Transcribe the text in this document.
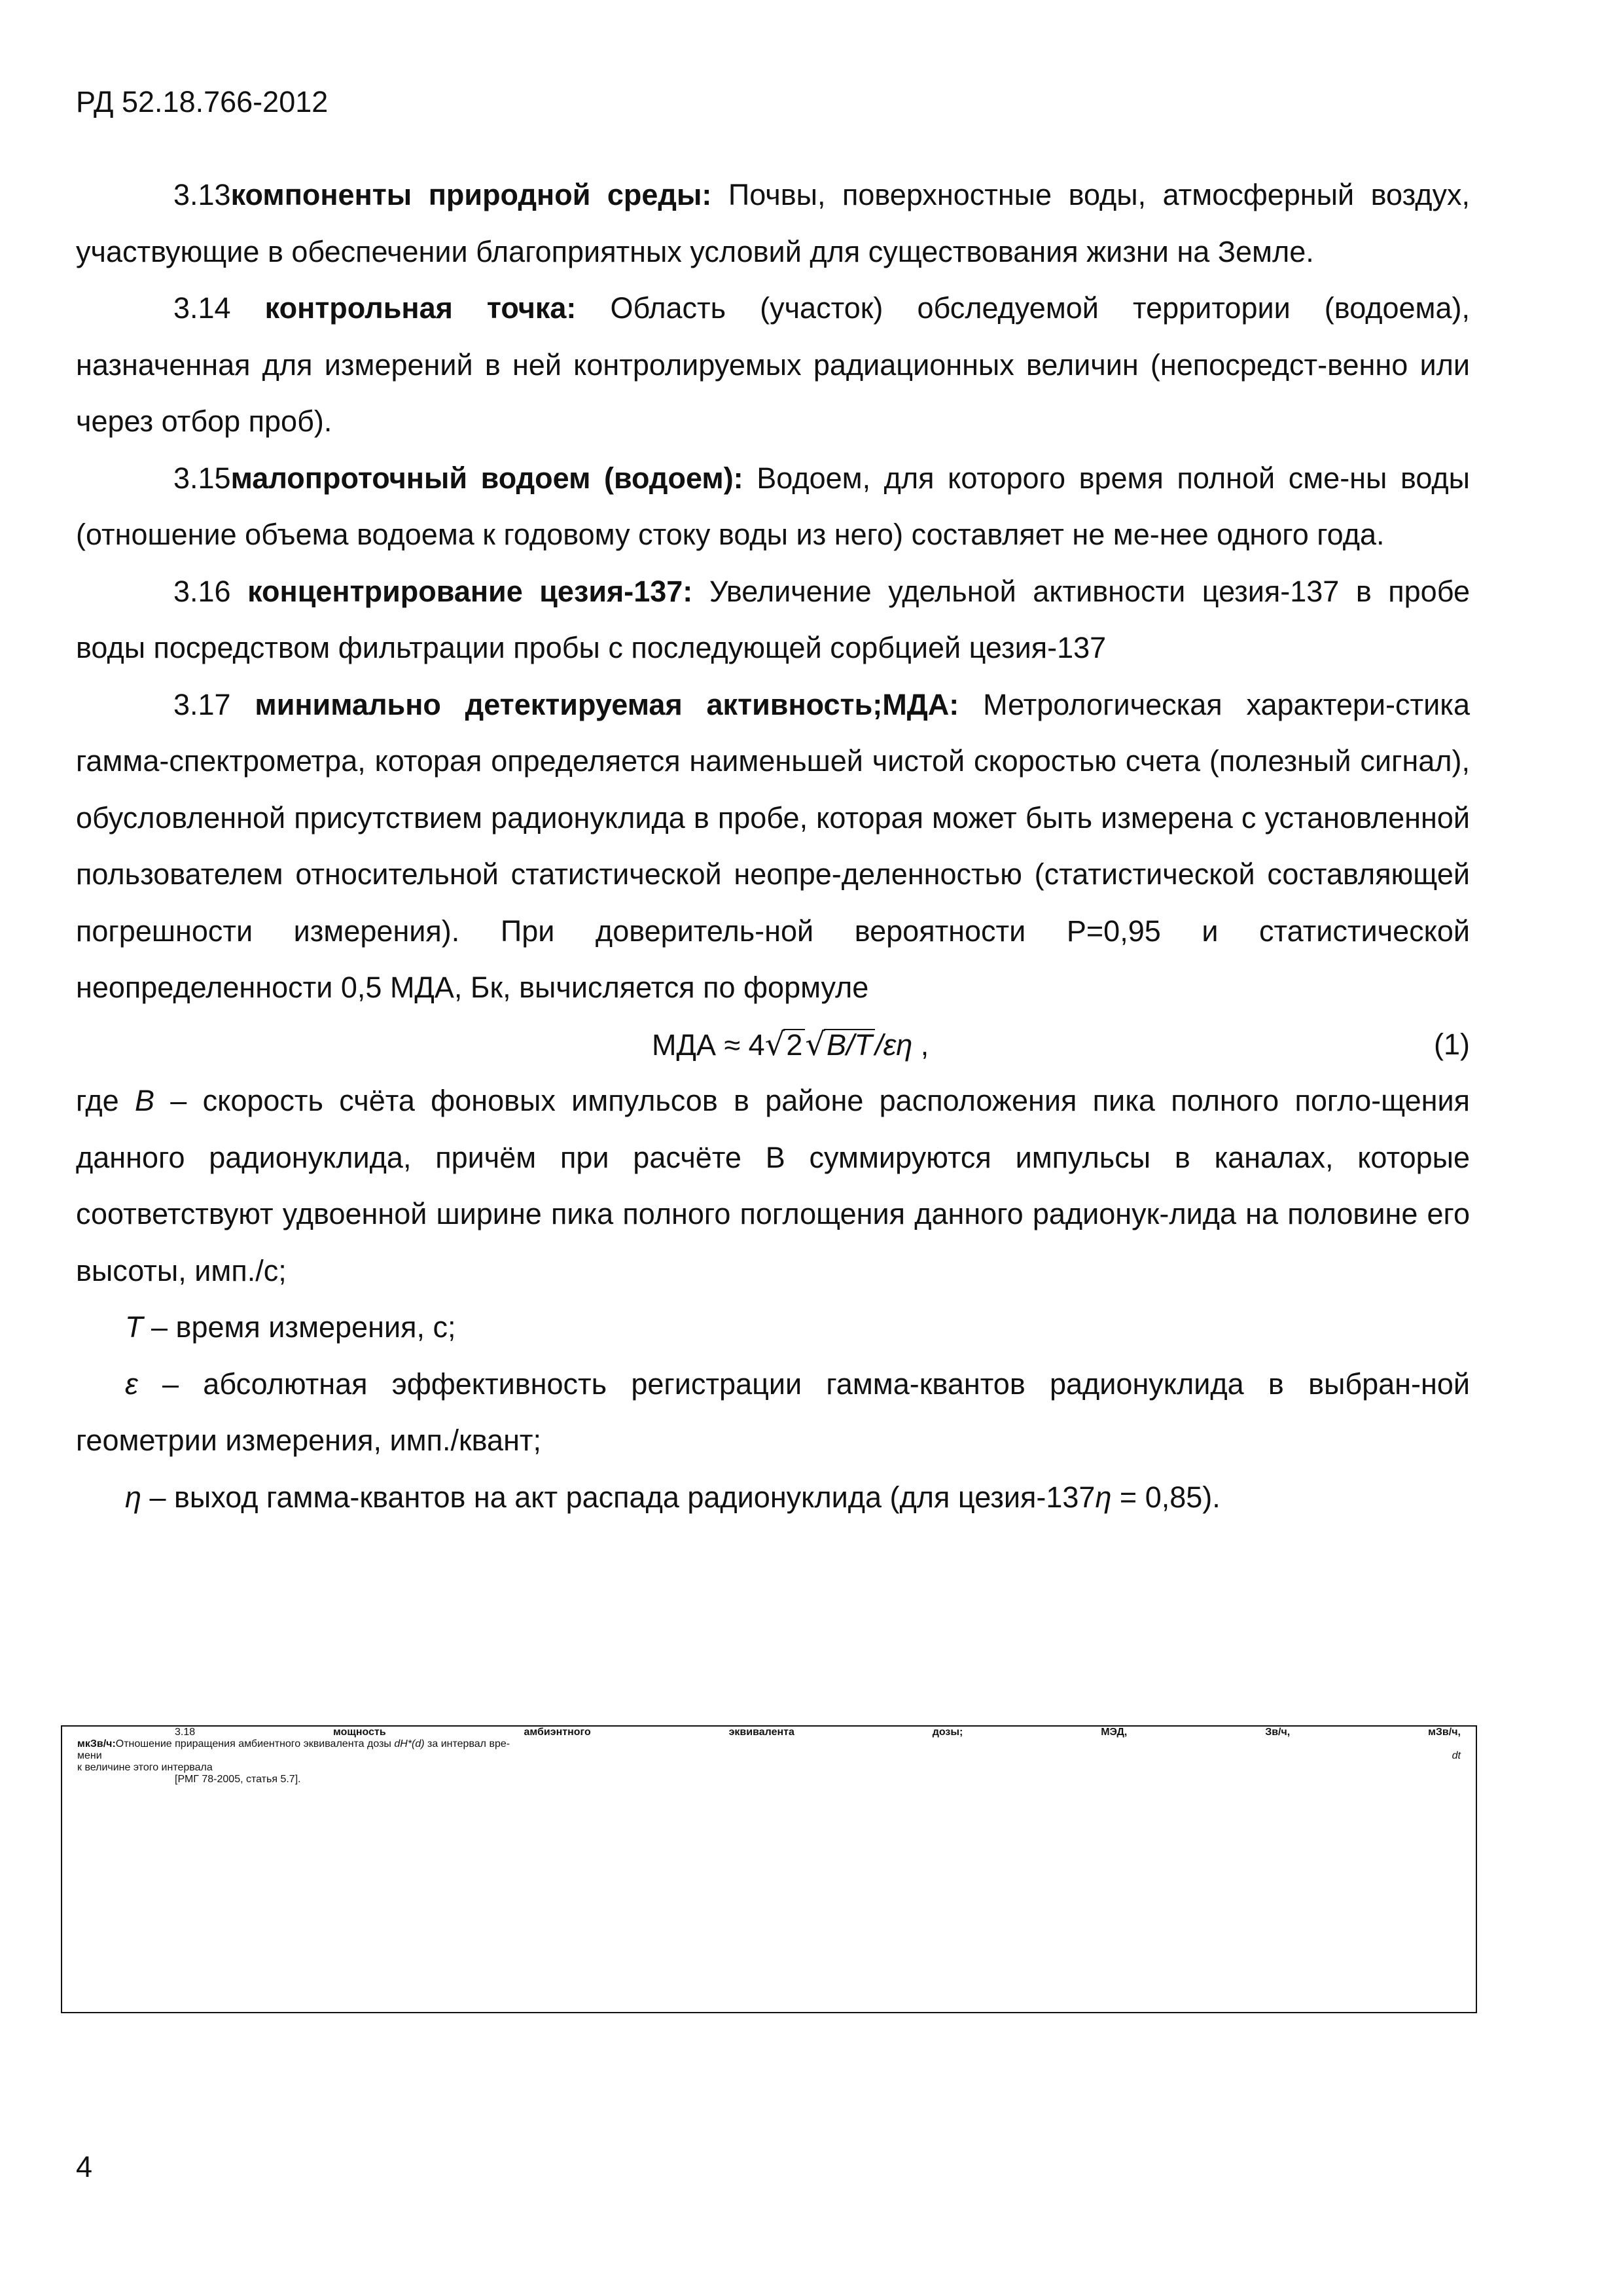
РД 52.18.766-2012

3.13компоненты природной среды: Почвы, поверхностные воды, атмосферный воздух, участвующие в обеспечении благоприятных условий для существования жизни на Земле.

3.14 контрольная точка: Область (участок) обследуемой территории (водоема), назначенная для измерений в ней контролируемых радиационных величин (непосредст-венно или через отбор проб).

3.15малопроточный водоем (водоем): Водоем, для которого время полной сме-ны воды (отношение объема водоема к годовому стоку воды из него) составляет не ме-нее одного года.

3.16 концентрирование цезия-137: Увеличение удельной активности цезия-137 в пробе воды посредством фильтрации пробы с последующей сорбцией цезия-137

3.17 минимально детектируемая активность;МДА: Метрологическая характери-стика гамма-спектрометра, которая определяется наименьшей чистой скоростью счета (полезный сигнал), обусловленной присутствием радионуклида в пробе, которая может быть измерена с установленной пользователем относительной статистической неопре-деленностью (статистической составляющей погрешности измерения). При доверитель-ной вероятности Р=0,95 и статистической неопределенности 0,5 МДА, Бк, вычисляется по формуле

МДА ≈ 4√2√B/T/εη ,	(1)

где B – скорость счёта фоновых импульсов в районе расположения пика полного погло-щения данного радионуклида, причём при расчёте В суммируются импульсы в каналах, которые соответствуют удвоенной ширине пика полного поглощения данного радионук-лида на половине его высоты, имп./с;

T – время измерения, с;

ε – абсолютная эффективность регистрации гамма-квантов радионуклида в выбран-ной геометрии измерения, имп./квант;

η – выход гамма-квантов на акт распада радионуклида (для цезия-137η = 0,85).

3.18	мощность	амбиэнтного	эквивалента	дозы;	МЭД,	Зв/ч,	мЗв/ч,
мкЗв/ч:Отношение приращения амбиентного эквивалента дозы dH*(d) за интервал вре-
мени	dt
к величине этого интервала
[РМГ 78-2005, статья 5.7].
4
